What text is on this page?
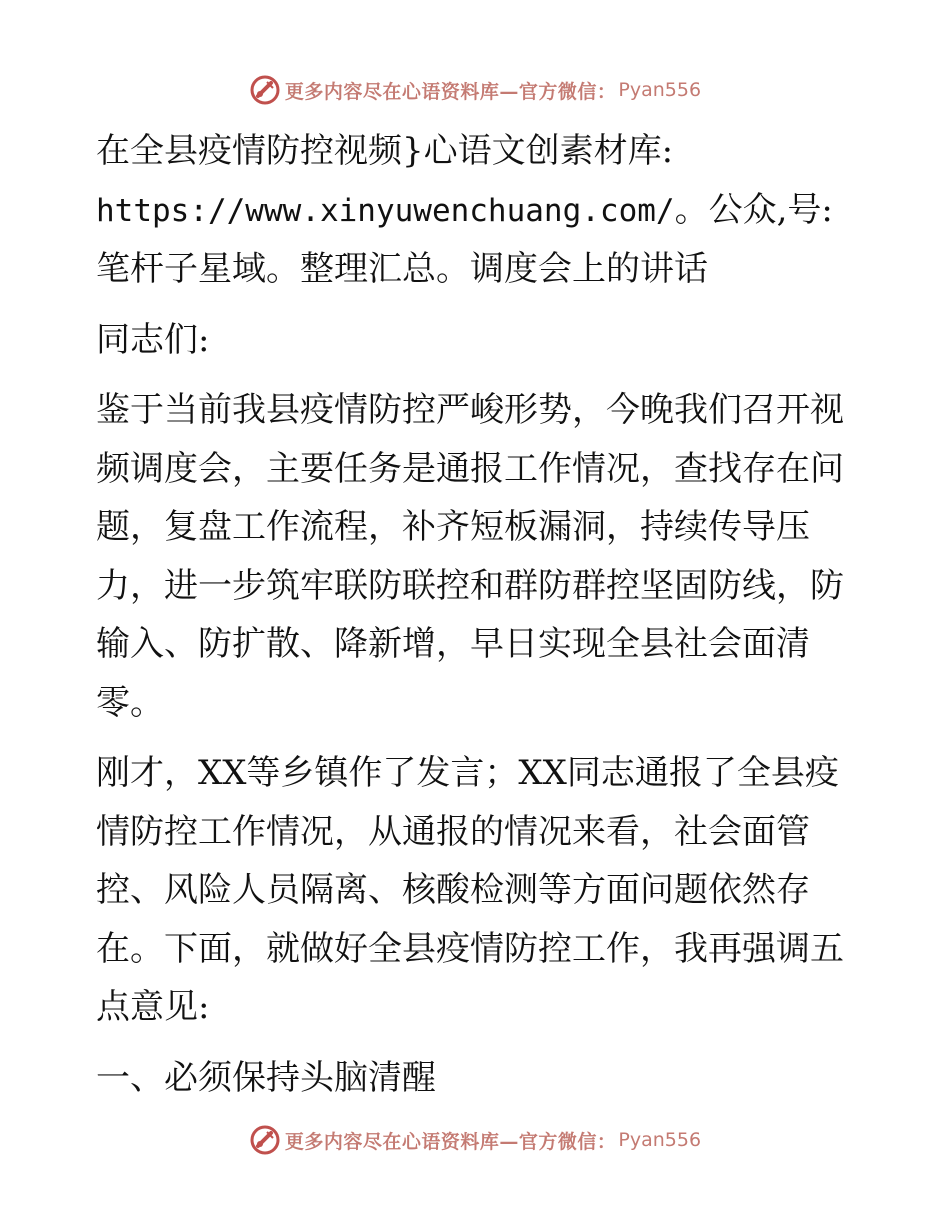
更多内容尽在心语资料库—官方微信： Pyan556

在全县疫情防控视频}心语文创素材库:
https://www.xinyuwenchuang.com/。公众,号: 笔杆子星域。整理汇总。调度会上的讲话

同志们:

鉴于当前我县疫情防控严峻形势，今晚我们召开视频调度会，主要任务是通报工作情况，查找存在问题，复盘工作流程，补齐短板漏洞，持续传导压力，进一步筑牢联防联控和群防群控坚固防线，防输入、防扩散、降新增，早日实现全县社会面清零。

刚才，XX等乡镇作了发言；XX同志通报了全县疫情防控工作情况，从通报的情况来看，社会面管控、风险人员隔离、核酸检测等方面问题依然存在。下面，就做好全县疫情防控工作，我再强调五点意见:

一、必须保持头脑清醒

更多内容尽在心语资料库—官方微信： Pyan556
